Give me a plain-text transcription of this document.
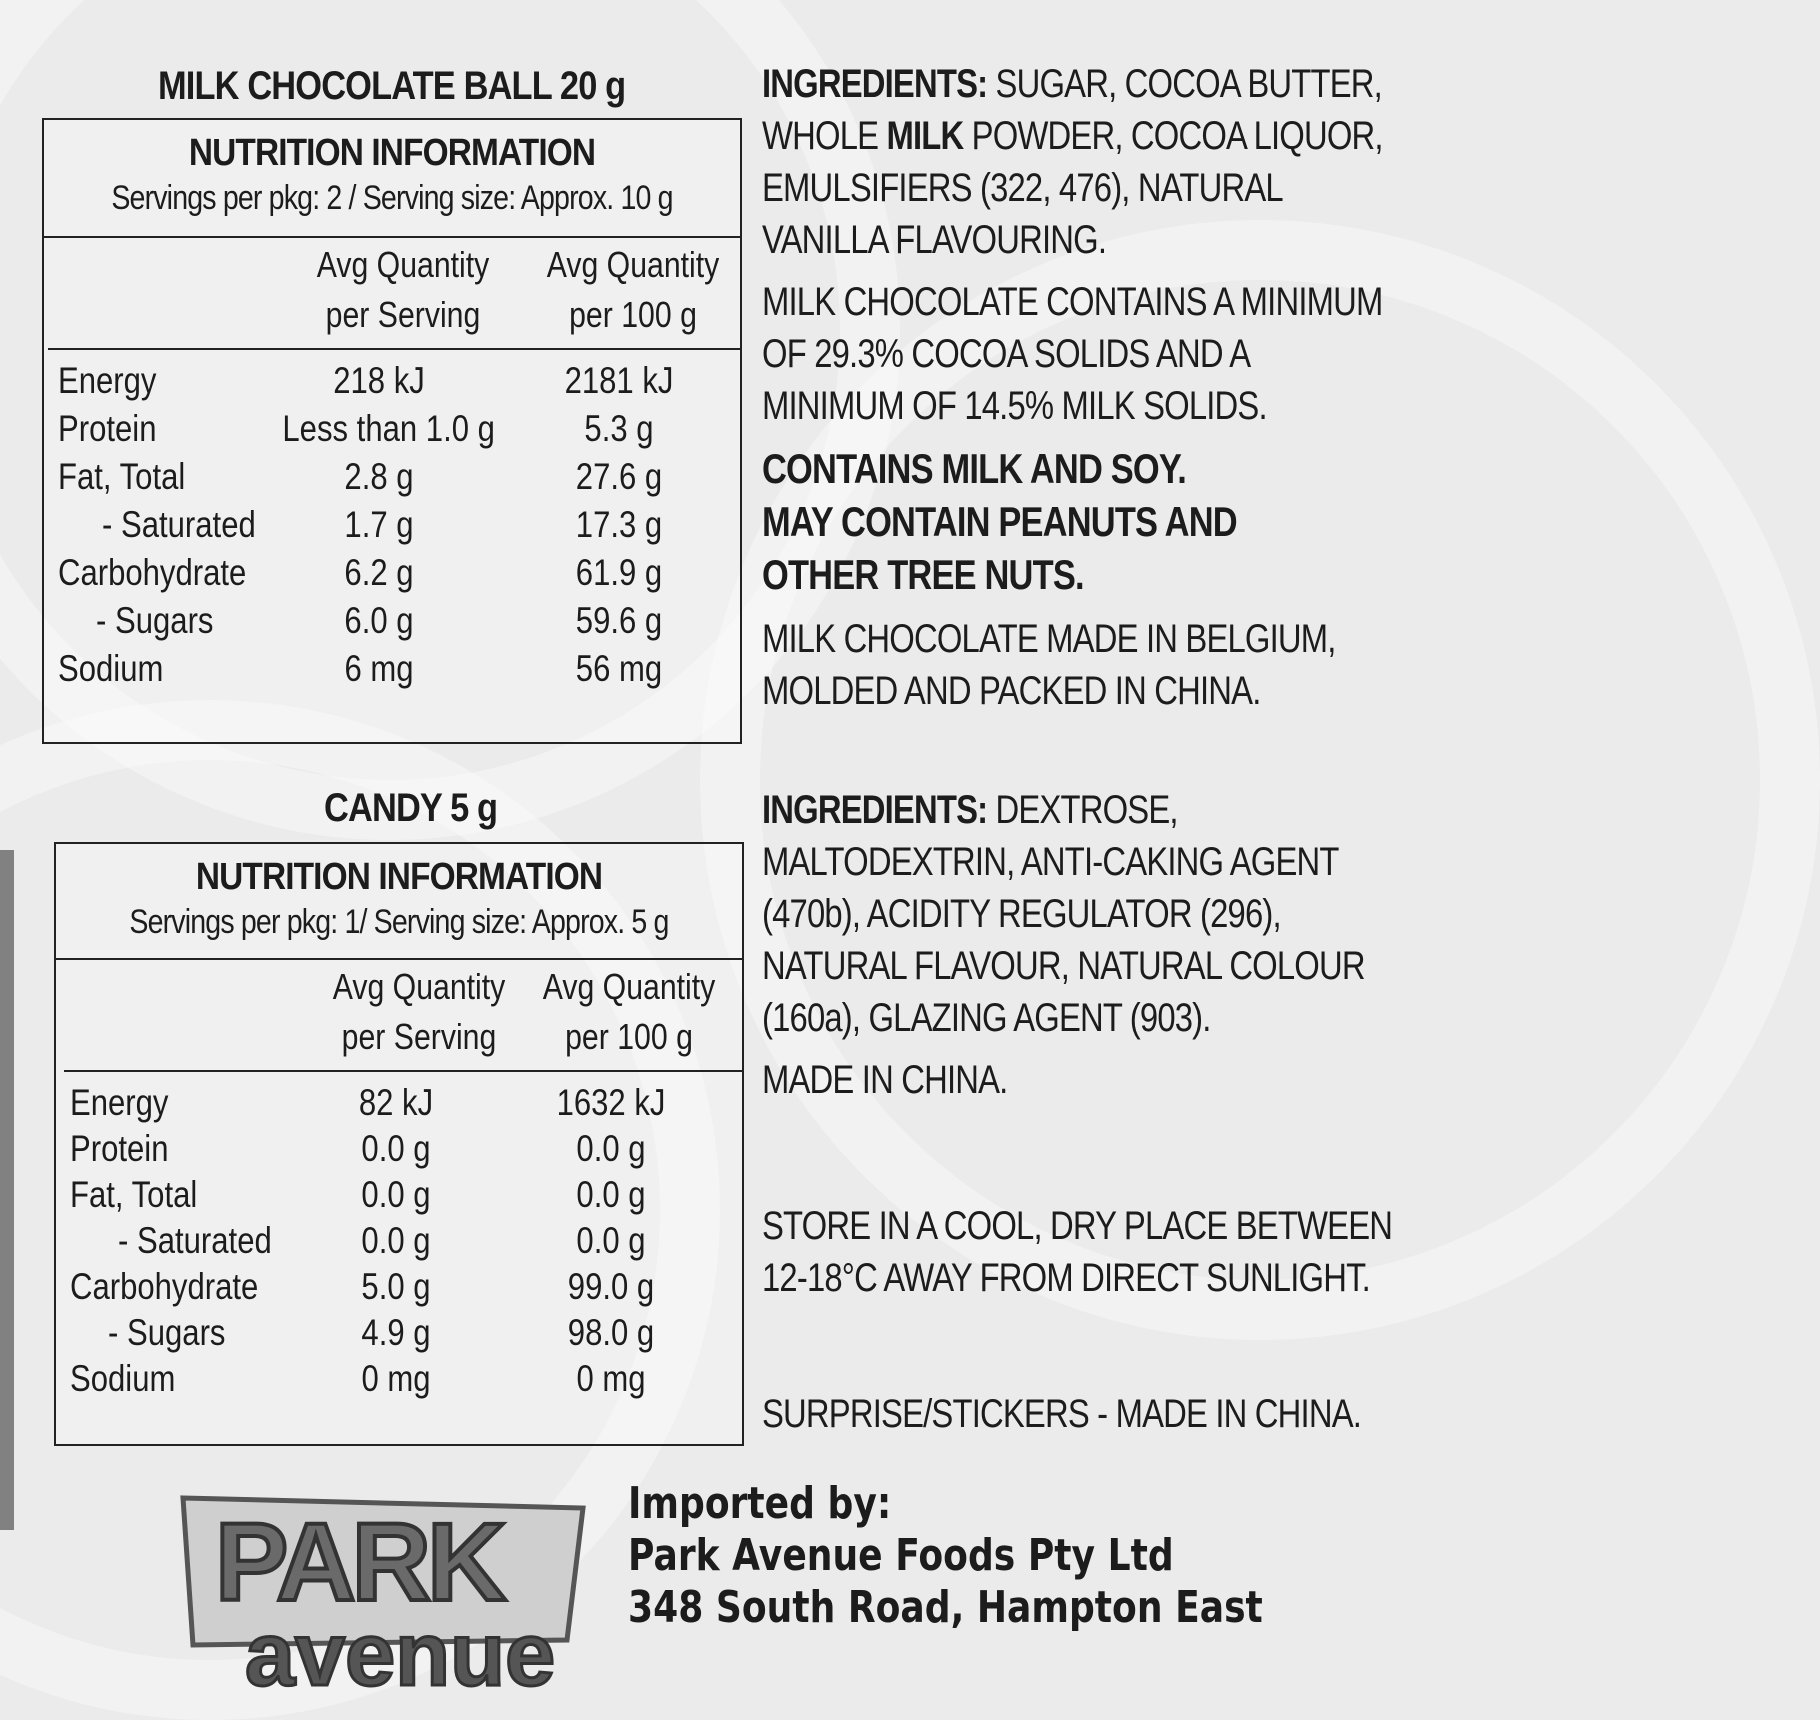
MILK CHOCOLATE BALL 20 g
NUTRITION INFORMATION
Servings per pkg: 2 / Serving size: Approx. 10 g
Avg Quantity
per Serving
Avg Quantity
per 100 g
Energy	218 kJ	2181 kJ
Protein	Less than 1.0 g	5.3 g
Fat, Total	2.8 g	27.6 g
- Saturated	1.7 g	17.3 g
Carbohydrate	6.2 g	61.9 g
- Sugars	6.0 g	59.6 g
Sodium	6 mg	56 mg

INGREDIENTS: SUGAR, COCOA BUTTER,
WHOLE MILK POWDER, COCOA LIQUOR,
EMULSIFIERS (322, 476), NATURAL
VANILLA FLAVOURING.

MILK CHOCOLATE CONTAINS A MINIMUM
OF 29.3% COCOA SOLIDS AND A
MINIMUM OF 14.5% MILK SOLIDS.

CONTAINS MILK AND SOY.
MAY CONTAIN PEANUTS AND
OTHER TREE NUTS.

MILK CHOCOLATE MADE IN BELGIUM,
MOLDED AND PACKED IN CHINA.

CANDY 5 g
NUTRITION INFORMATION
Servings per pkg: 1/ Serving size: Approx. 5 g
Avg Quantity
per Serving
Avg Quantity
per 100 g
Energy	82 kJ	1632 kJ
Protein	0.0 g	0.0 g
Fat, Total	0.0 g	0.0 g
- Saturated	0.0 g	0.0 g
Carbohydrate	5.0 g	99.0 g
- Sugars	4.9 g	98.0 g
Sodium	0 mg	0 mg

INGREDIENTS: DEXTROSE,
MALTODEXTRIN, ANTI-CAKING AGENT
(470b), ACIDITY REGULATOR (296),
NATURAL FLAVOUR, NATURAL COLOUR
(160a), GLAZING AGENT (903).

MADE IN CHINA.

STORE IN A COOL, DRY PLACE BETWEEN
12-18°C AWAY FROM DIRECT SUNLIGHT.

SURPRISE/STICKERS - MADE IN CHINA.

PARK
avenue
Imported by:
Park Avenue Foods Pty Ltd
348 South Road, Hampton East
